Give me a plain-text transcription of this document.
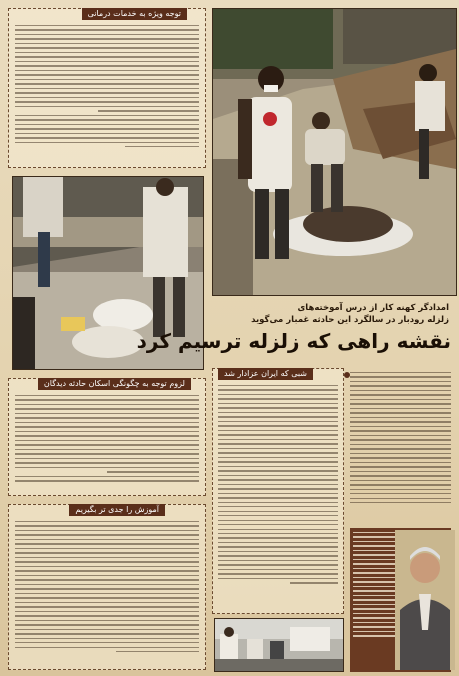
توجه ویژه به خدمات درمانی
امدادگر کهنه کار از درس آموخته‌های
زلزله رودبار در سالگرد این حادثه غمبار می‌گوید
نقشه راهی که زلزله ترسیم کرد
لزوم توجه به چگونگی اسکان حادثه دیدگان
آموزش را جدی تر بگیریم
شبی که ایران عزادار شد
